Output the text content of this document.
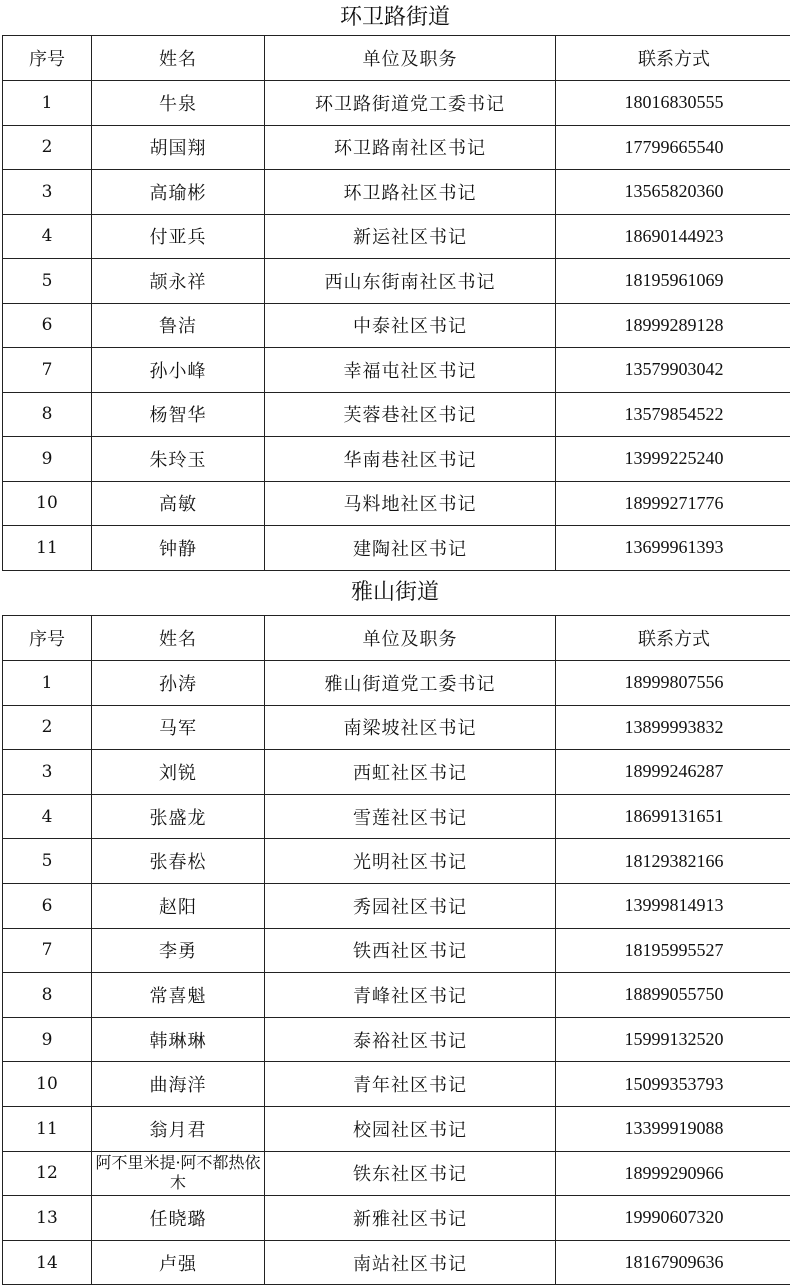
环卫路街道
序号	姓名	单位及职务	联系方式
1	牛泉	环卫路街道党工委书记	18016830555
2	胡国翔	环卫路南社区书记	17799665540
3	高瑜彬	环卫路社区书记	13565820360
4	付亚兵	新运社区书记	18690144923
5	颉永祥	西山东街南社区书记	18195961069
6	鲁洁	中泰社区书记	18999289128
7	孙小峰	幸福屯社区书记	13579903042
8	杨智华	芙蓉巷社区书记	13579854522
9	朱玲玉	华南巷社区书记	13999225240
10	高敏	马料地社区书记	18999271776
11	钟静	建陶社区书记	13699961393
雅山街道
序号	姓名	单位及职务	联系方式
1	孙涛	雅山街道党工委书记	18999807556
2	马军	南梁坡社区书记	13899993832
3	刘锐	西虹社区书记	18999246287
4	张盛龙	雪莲社区书记	18699131651
5	张春松	光明社区书记	18129382166
6	赵阳	秀园社区书记	13999814913
7	李勇	铁西社区书记	18195995527
8	常喜魁	青峰社区书记	18899055750
9	韩琳琳	泰裕社区书记	15999132520
10	曲海洋	青年社区书记	15099353793
11	翁月君	校园社区书记	13399919088
12	阿不里米提·阿不都热依木	铁东社区书记	18999290966
13	任晓璐	新雅社区书记	19990607320
14	卢强	南站社区书记	18167909636
